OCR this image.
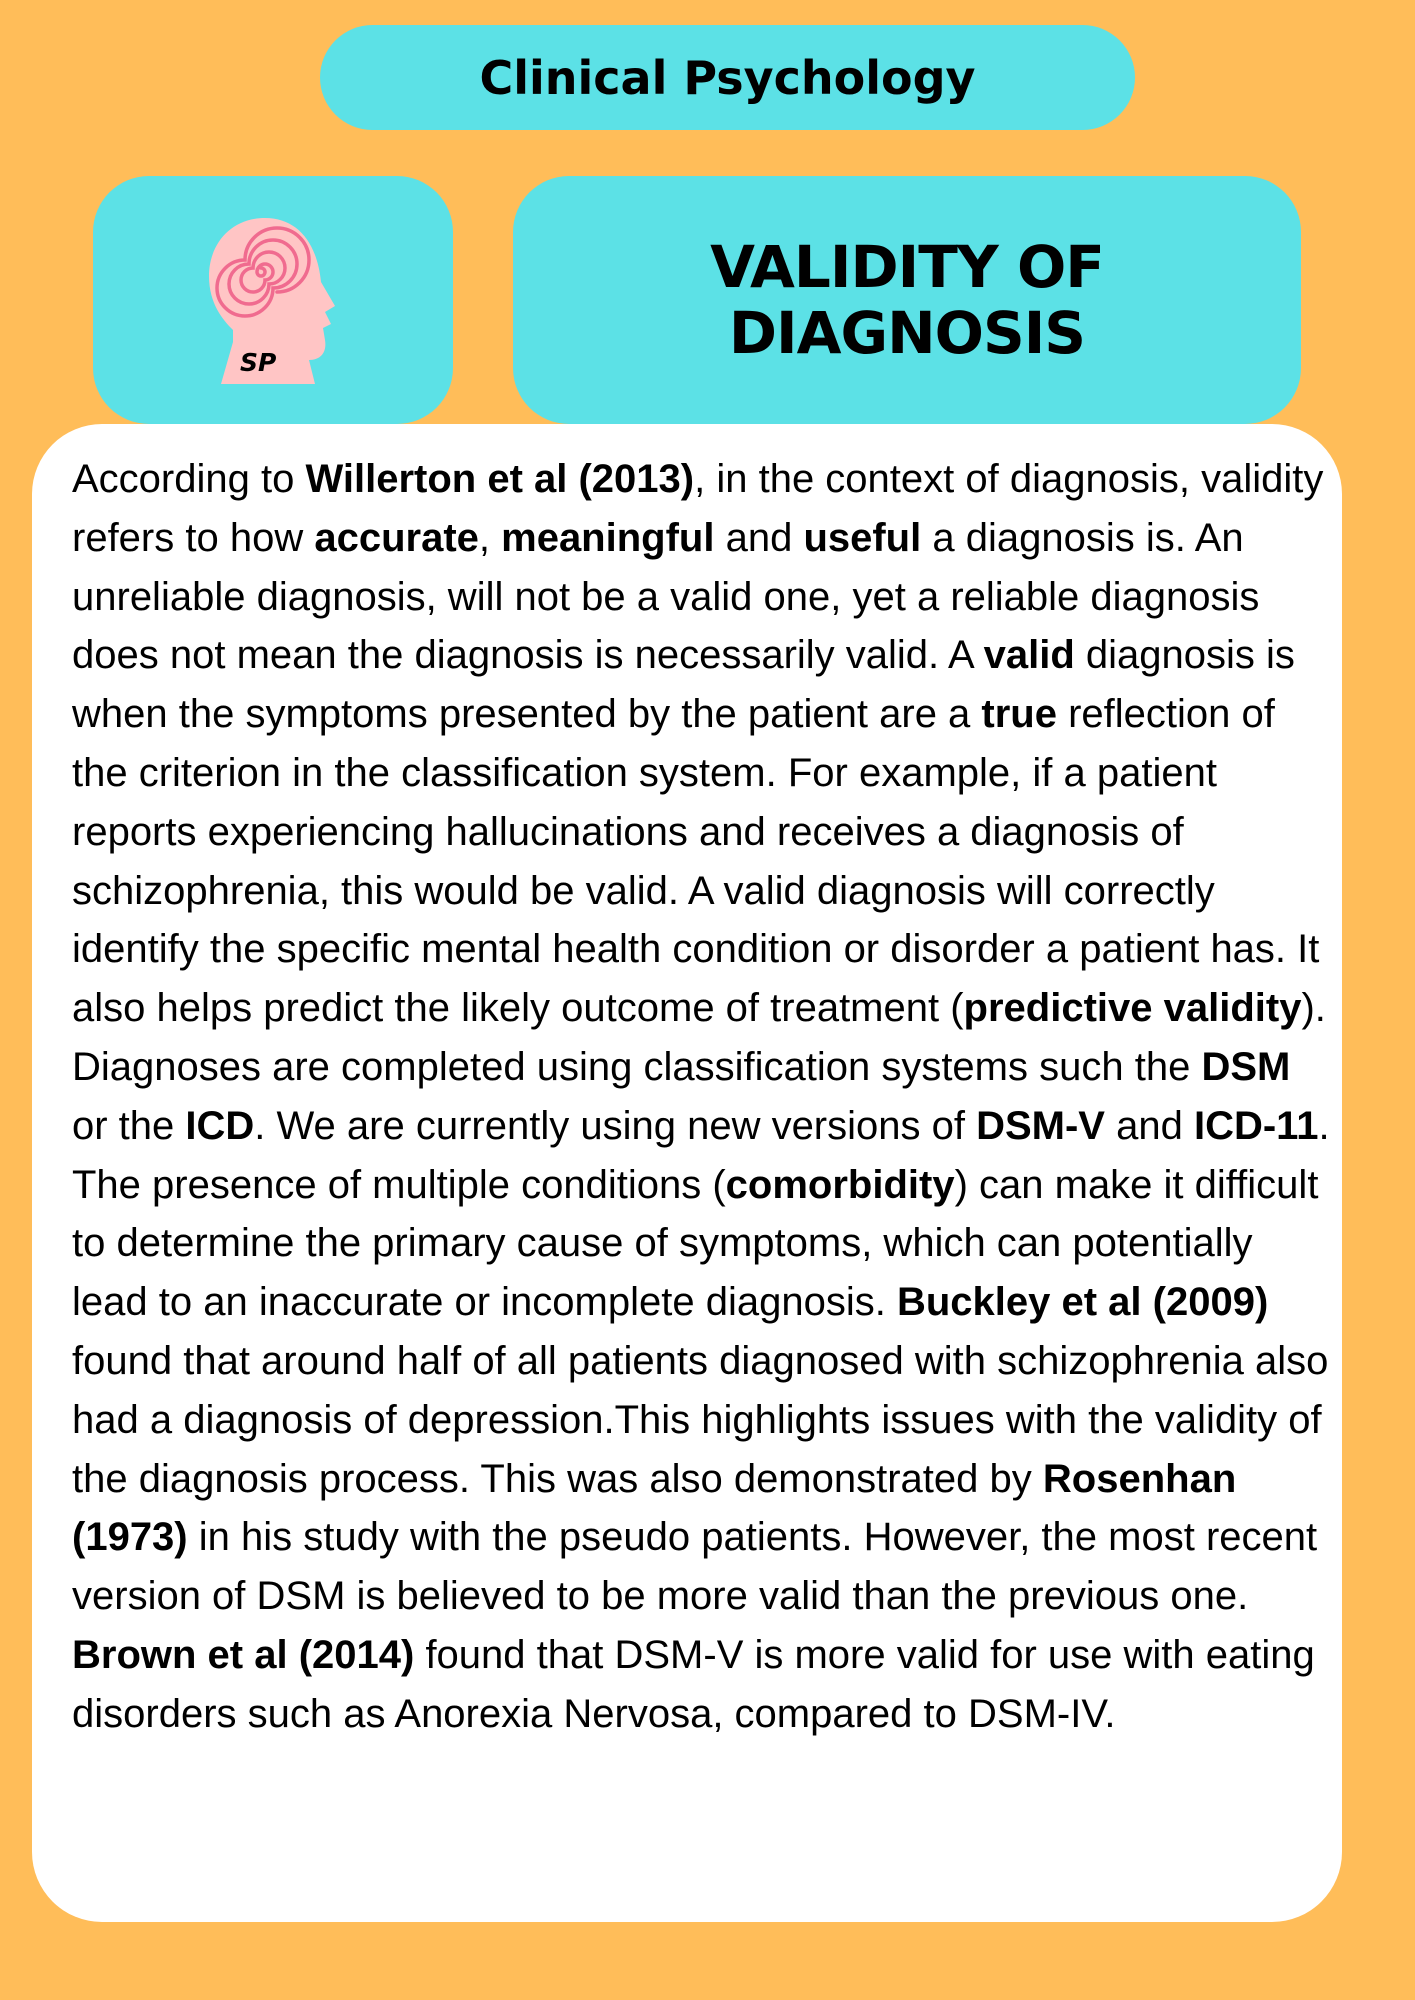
Clinical Psychology
SP
VALIDITY OF DIAGNOSIS

According to Willerton et al (2013), in the context of diagnosis, validity refers to how accurate, meaningful and useful a diagnosis is. An unreliable diagnosis, will not be a valid one, yet a reliable diagnosis does not mean the diagnosis is necessarily valid. A valid diagnosis is when the symptoms presented by the patient are a true reflection of the criterion in the classification system. For example, if a patient reports experiencing hallucinations and receives a diagnosis of schizophrenia, this would be valid. A valid diagnosis will correctly identify the specific mental health condition or disorder a patient has. It also helps predict the likely outcome of treatment (predictive validity). Diagnoses are completed using classification systems such the DSM or the ICD. We are currently using new versions of DSM-V and ICD-11. The presence of multiple conditions (comorbidity) can make it difficult to determine the primary cause of symptoms, which can potentially lead to an inaccurate or incomplete diagnosis. Buckley et al (2009) found that around half of all patients diagnosed with schizophrenia also had a diagnosis of depression.This highlights issues with the validity of the diagnosis process. This was also demonstrated by Rosenhan (1973) in his study with the pseudo patients. However, the most recent version of DSM is believed to be more valid than the previous one. Brown et al (2014) found that DSM-V is more valid for use with eating disorders such as Anorexia Nervosa, compared to DSM-IV.
